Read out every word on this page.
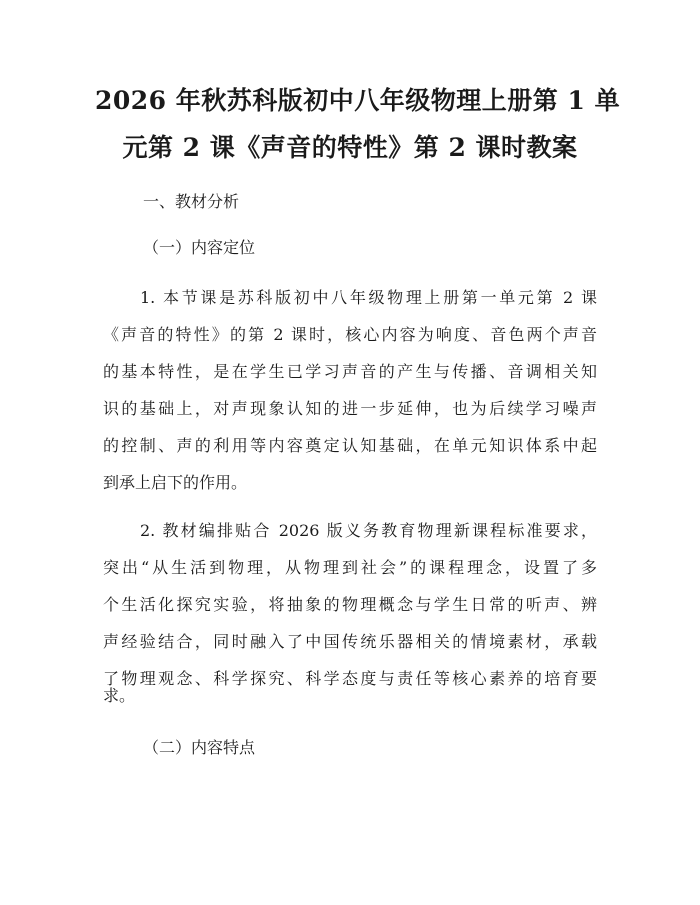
2026 年秋苏科版初中八年级物理上册第 1 单
元第 2 课《声音的特性》第 2 课时教案
一、教材分析
（一）内容定位
1. 本节课是苏科版初中八年级物理上册第一单元第 2 课
《声音的特性》的第 2 课时，核心内容为响度、音色两个声音
的基本特性，是在学生已学习声音的产生与传播、音调相关知
识的基础上，对声现象认知的进一步延伸，也为后续学习噪声
的控制、声的利用等内容奠定认知基础，在单元知识体系中起
到承上启下的作用。
2. 教材编排贴合 2026 版义务教育物理新课程标准要求，
突出“从生活到物理，从物理到社会”的课程理念，设置了多
个生活化探究实验，将抽象的物理概念与学生日常的听声、辨
声经验结合，同时融入了中国传统乐器相关的情境素材，承载
了物理观念、科学探究、科学态度与责任等核心素养的培育要
求。
（二）内容特点
